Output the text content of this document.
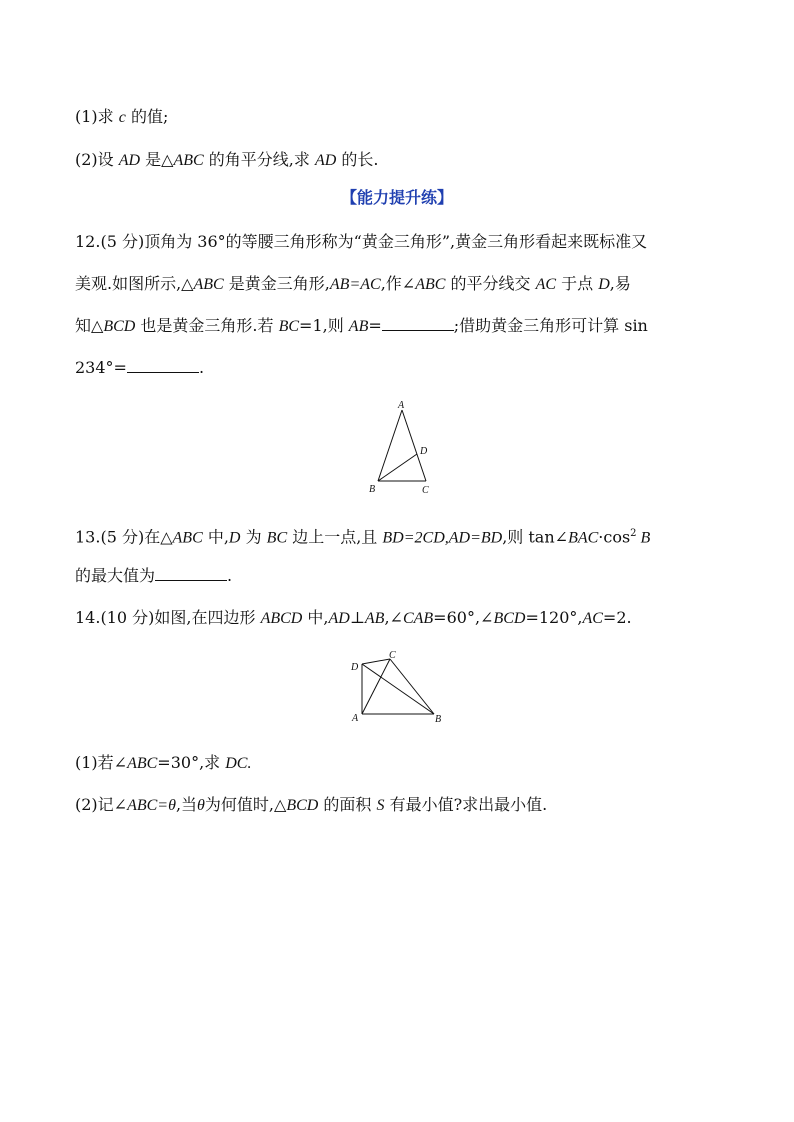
(1)求 c 的值;
(2)设 AD 是△ABC 的角平分线,求 AD 的长.
【能力提升练】
12.(5 分)顶角为 36°的等腰三角形称为“黄金三角形”,黄金三角形看起来既标准又
美观.如图所示,△ABC 是黄金三角形,AB=AC,作∠ABC 的平分线交 AC 于点 D,易
知△BCD 也是黄金三角形.若 BC=1,则 AB=	;借助黄金三角形可计算 sin
234°=	.
A
D
B	C
13.(5 分)在△ABC 中,D 为 BC 边上一点,且 BD=2CD,AD=BD,则 $\tan\angle BAC\cdot\cos^2$ B
的最大值为	.
14.(10 分)如图,在四边形 ABCD 中,AD⊥AB,∠CAB=60°,∠BCD=120°,AC=2.
D
C
A	B
(1)若∠ABC=30°,求 DC.
(2)记∠ABC=θ,当θ为何值时,△BCD 的面积 S 有最小值?求出最小值.
